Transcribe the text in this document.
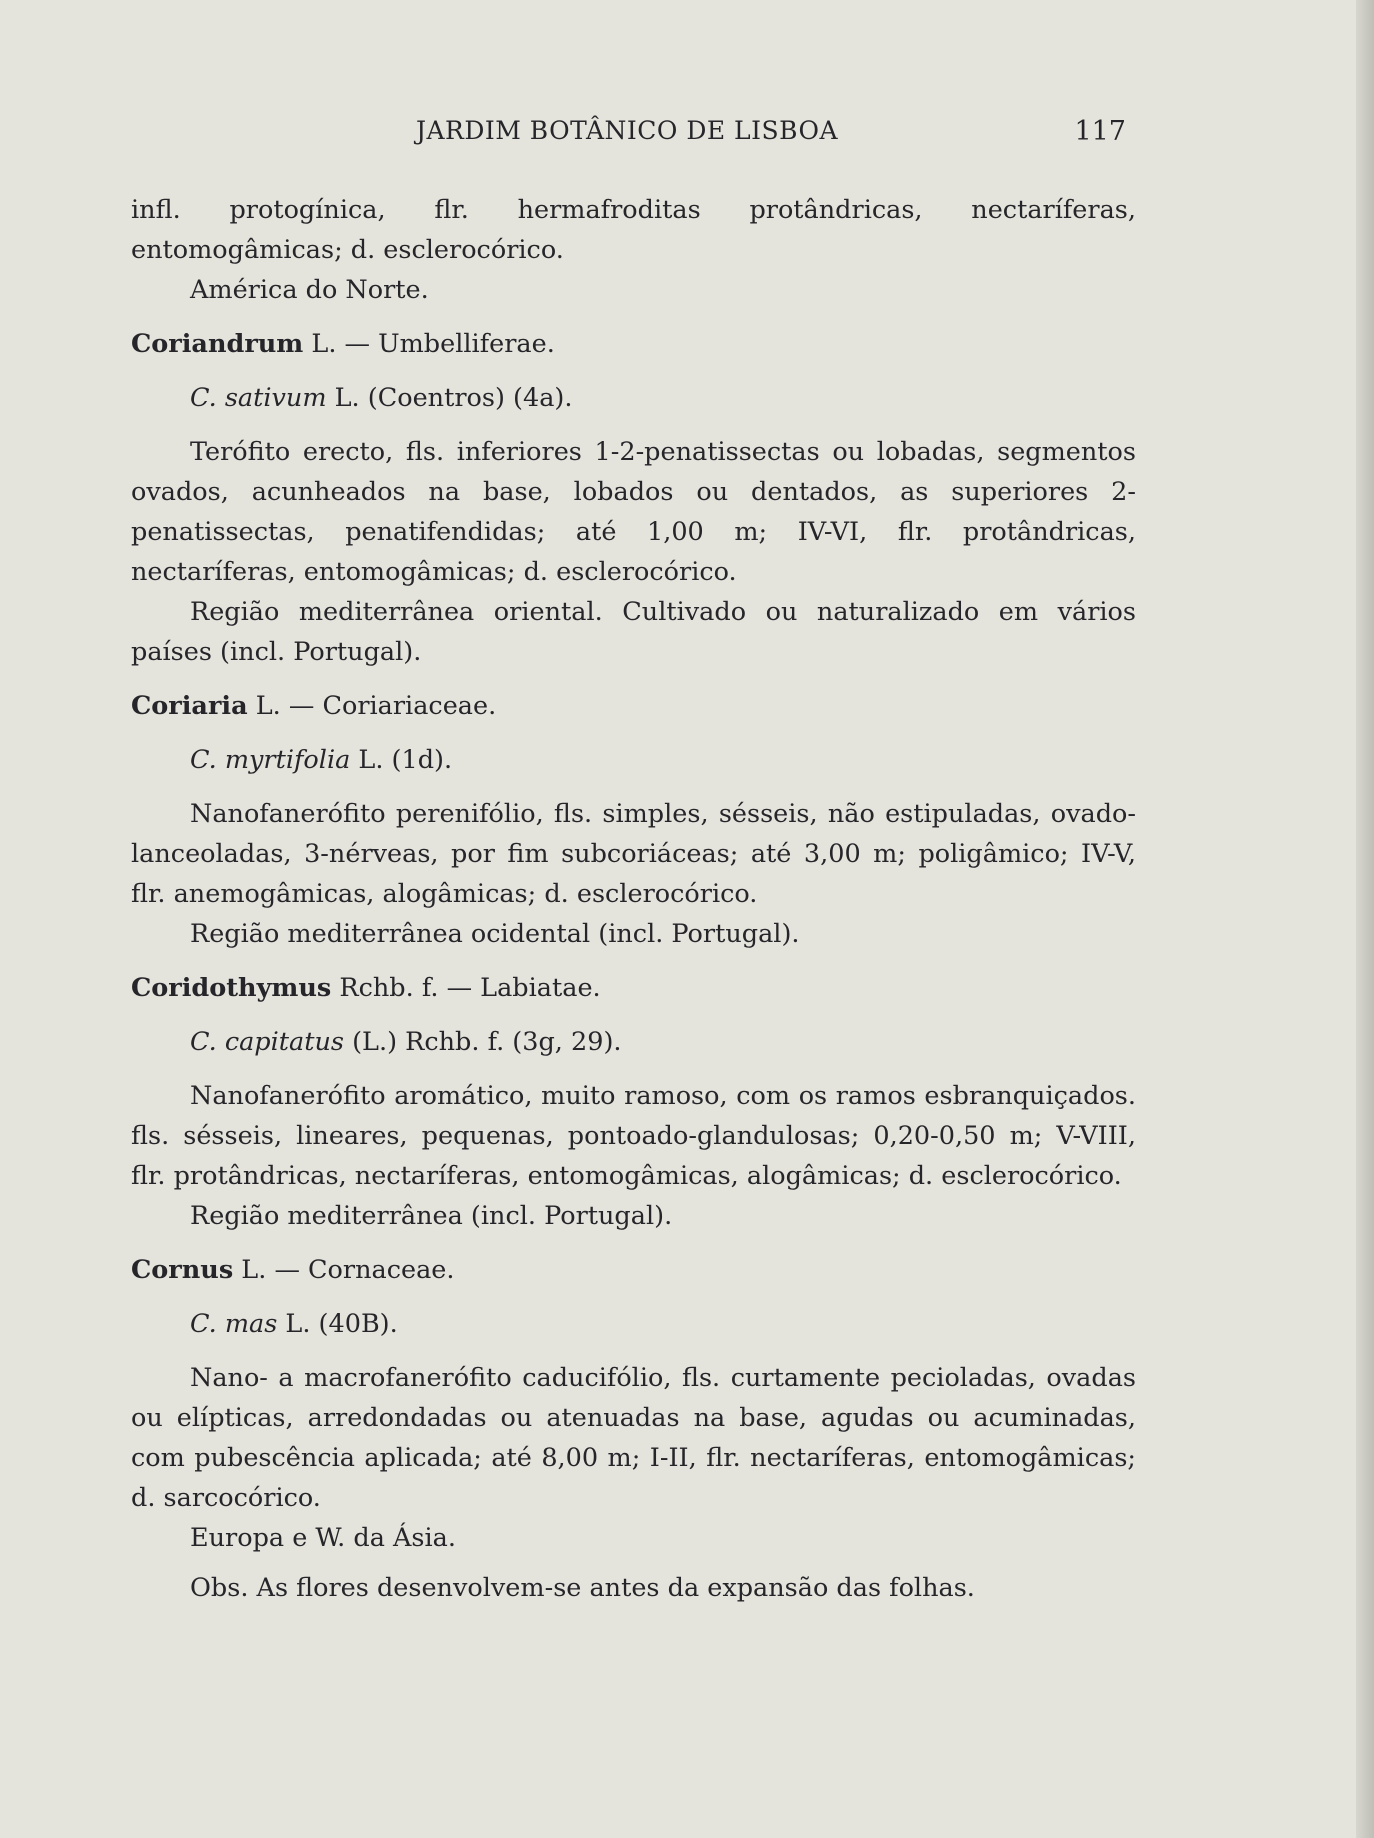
JARDIM BOTÂNICO DE LISBOA	117

infl. protogínica, flr. hermafroditas protândricas, nectaríferas, entomogâmicas; d. esclerocórico.

América do Norte.

Coriandrum L. — Umbelliferae.

C. sativum L. (Coentros) (4a).

Terófito erecto, fls. inferiores 1-2-penatissectas ou lobadas, segmentos ovados, acunheados na base, lobados ou dentados, as superiores 2-penatissectas, penatifendidas; até 1,00 m; IV-VI, flr. protândricas, nectaríferas, entomogâmicas; d. esclerocórico.

Região mediterrânea oriental. Cultivado ou naturalizado em vários países (incl. Portugal).

Coriaria L. — Coriariaceae.

C. myrtifolia L. (1d).

Nanofanerófito perenifólio, fls. simples, sésseis, não estipuladas, ovado-lanceoladas, 3-nérveas, por fim subcoriáceas; até 3,00 m; poligâmico; IV-V, flr. anemogâmicas, alogâmicas; d. esclerocórico.

Região mediterrânea ocidental (incl. Portugal).

Coridothymus Rchb. f. — Labiatae.

C. capitatus (L.) Rchb. f. (3g, 29).

Nanofanerófito aromático, muito ramoso, com os ramos esbranquiçados. fls. sésseis, lineares, pequenas, pontoado-glandulosas; 0,20-0,50 m; V-VIII, flr. protândricas, nectaríferas, entomogâmicas, alogâmicas; d. esclerocórico.

Região mediterrânea (incl. Portugal).

Cornus L. — Cornaceae.

C. mas L. (40B).

Nano- a macrofanerófito caducifólio, fls. curtamente pecioladas, ovadas ou elípticas, arredondadas ou atenuadas na base, agudas ou acuminadas, com pubescência aplicada; até 8,00 m; I-II, flr. nectaríferas, entomogâmicas; d. sarcocórico.

Europa e W. da Ásia.

Obs. As flores desenvolvem-se antes da expansão das folhas.
